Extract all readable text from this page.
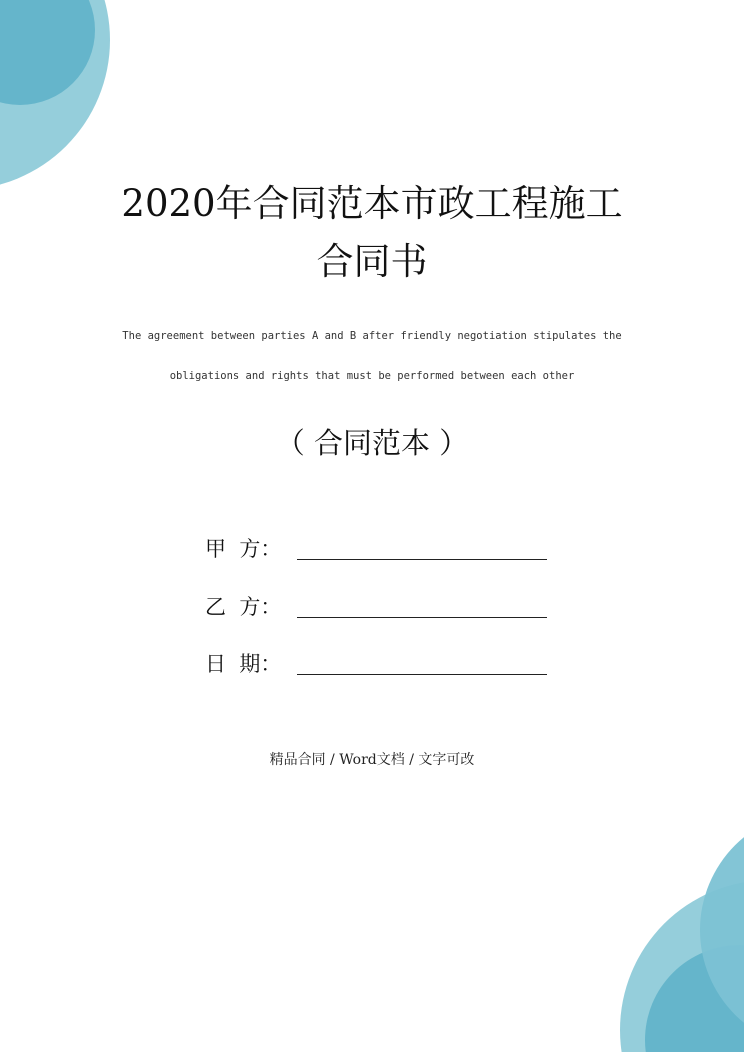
2020年合同范本市政工程施工
合同书
The agreement between parties A and B after friendly negotiation stipulates the
obligations and rights that must be performed between each other
（ 合同范本 ）
甲  方：
乙  方：
日  期：
精品合同 / Word文档 / 文字可改
